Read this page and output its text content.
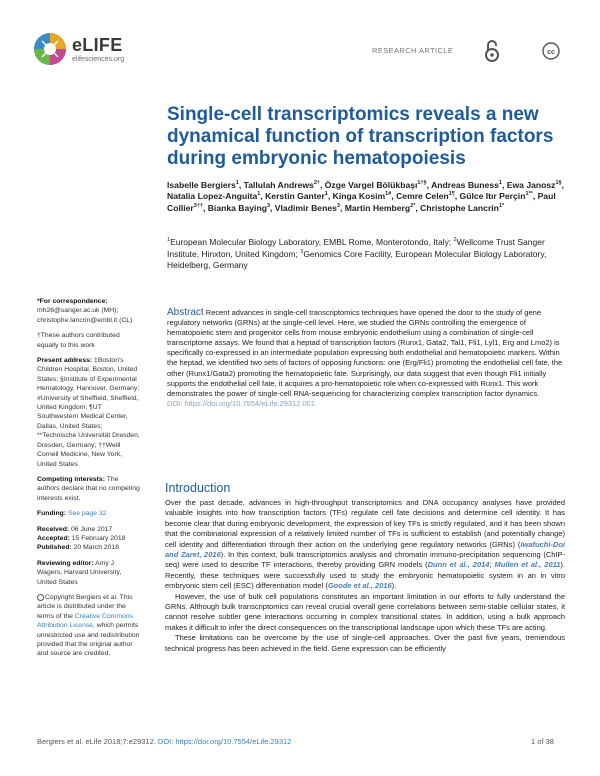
eLIFE
elifesciences.org
RESEARCH ARTICLE	cc
Single-cell transcriptomics reveals a new dynamical function of transcription factors during embryonic hematopoiesis
Isabelle Bergiers$^1$, Tallulah Andrews$^{2\dagger}$, Özge Vargel Bölükbaşı$^{1\dagger\S}$, Andreas Buness$^1$, Ewa Janosz$^{1\S}$, Natalia Lopez-Anguita$^1$, Kerstin Ganter$^1$, Kinga Kosim$^{1\#}$, Cemre Celen$^{1\P}$, Gülce Itır Perçin$^{1**}$, Paul Collier$^{3\dagger\dagger}$, Bianka Baying$^3$, Vladimir Benes$^3$, Martin Hemberg$^{2*}$, Christophe Lancrin$^{1*}$
$^1$European Molecular Biology Laboratory, EMBL Rome, Monterotondo, Italy; $^2$Wellcome Trust Sanger Institute, Hinxton, United Kingdom; $^3$Genomics Core Facility, European Molecular Biology Laboratory, Heidelberg, Germany
*For correspondence:
mh26@sanger.ac.uk (MH);
christophe.lancrin@embl.it (CL)
†These authors contributed equally to this work
Present address: ‡Boston's Children Hospital, Boston, United States; §Institute of Experimental Hematology, Hannover, Germany; #University of Sheffield, Sheffield, United Kingdom; ¶UT Southwestern Medical Center, Dallas, United States; **Technische Universität Dresden, Dresden, Germany; ††Weill Cornell Medicine, New York, United States
Competing interests: The authors declare that no competing interests exist.
Funding: See page 32
Received: 06 June 2017
Accepted: 15 February 2018
Published: 20 March 2018
Reviewing editor: Amy J Wagers, Harvard University, United States
Copyright Bergiers et al. This article is distributed under the terms of the Creative Commons Attribution License, which permits unrestricted use and redistribution provided that the original author and source are credited.
Abstract Recent advances in single-cell transcriptomics techniques have opened the door to the study of gene regulatory networks (GRNs) at the single-cell level. Here, we studied the GRNs controlling the emergence of hematopoietic stem and progenitor cells from mouse embryonic endothelium using a combination of single-cell transcriptome assays. We found that a heptad of transcription factors (Runx1, Gata2, Tal1, Fli1, Lyl1, Erg and Lmo2) is specifically co-expressed in an intermediate population expressing both endothelial and hematopoietic markers. Within the heptad, we identified two sets of factors of opposing functions: one (Erg/Fli1) promoting the endothelial cell fate, the other (Runx1/Gata2) promoting the hematopoietic fate. Surprisingly, our data suggest that even though Fli1 initially supports the endothelial cell fate, it acquires a pro-hematopoietic role when co-expressed with Runx1. This work demonstrates the power of single-cell RNA-sequencing for characterizing complex transcription factor dynamics.
DOI: https://doi.org/10.7554/eLife.29312.001
Introduction

Over the past decade, advances in high-throughput transcriptomics and DNA occupancy analyses have provided valuable insights into how transcription factors (TFs) regulate cell fate decisions and determine cell identity. It has become clear that during embryonic development, the expression of key TFs is strictly regulated, and it has been shown that the combinatorial expression of a relatively limited number of TFs is sufficient to establish (and potentially change) cell identity and differentiation through their action on the underlying gene regulatory networks (GRNs) (Iwafuchi-Doi and Zaret, 2016). In this context, bulk transcriptomics analysis and chromatin immuno-precipitation sequencing (ChIP-seq) were used to describe TF interactions, thereby providing GRN models (Dunn et al., 2014; Mullen et al., 2011). Recently, these techniques were successfully used to study the embryonic hematopoietic system in an in vitro embryonic stem cell (ESC) differentiation model (Goode et al., 2016).

However, the use of bulk cell populations constitutes an important limitation in our efforts to fully understand the GRNs. Although bulk transcriptomics can reveal crucial overall gene correlations between semi-stable cellular states, it cannot resolve subtler gene interactions occurring in complex transitional states. In addition, using a bulk approach makes it difficult to infer the direct consequences on the transcriptional landscape upon which these TFs are acting.

These limitations can be overcome by the use of single-cell approaches. Over the past five years, tremendous technical progress has been achieved in the field. Gene expression can be efficiently

Bergiers et al. eLife 2018;7:e29312. DOI: https://doi.org/10.7554/eLife.29312	1 of 38
